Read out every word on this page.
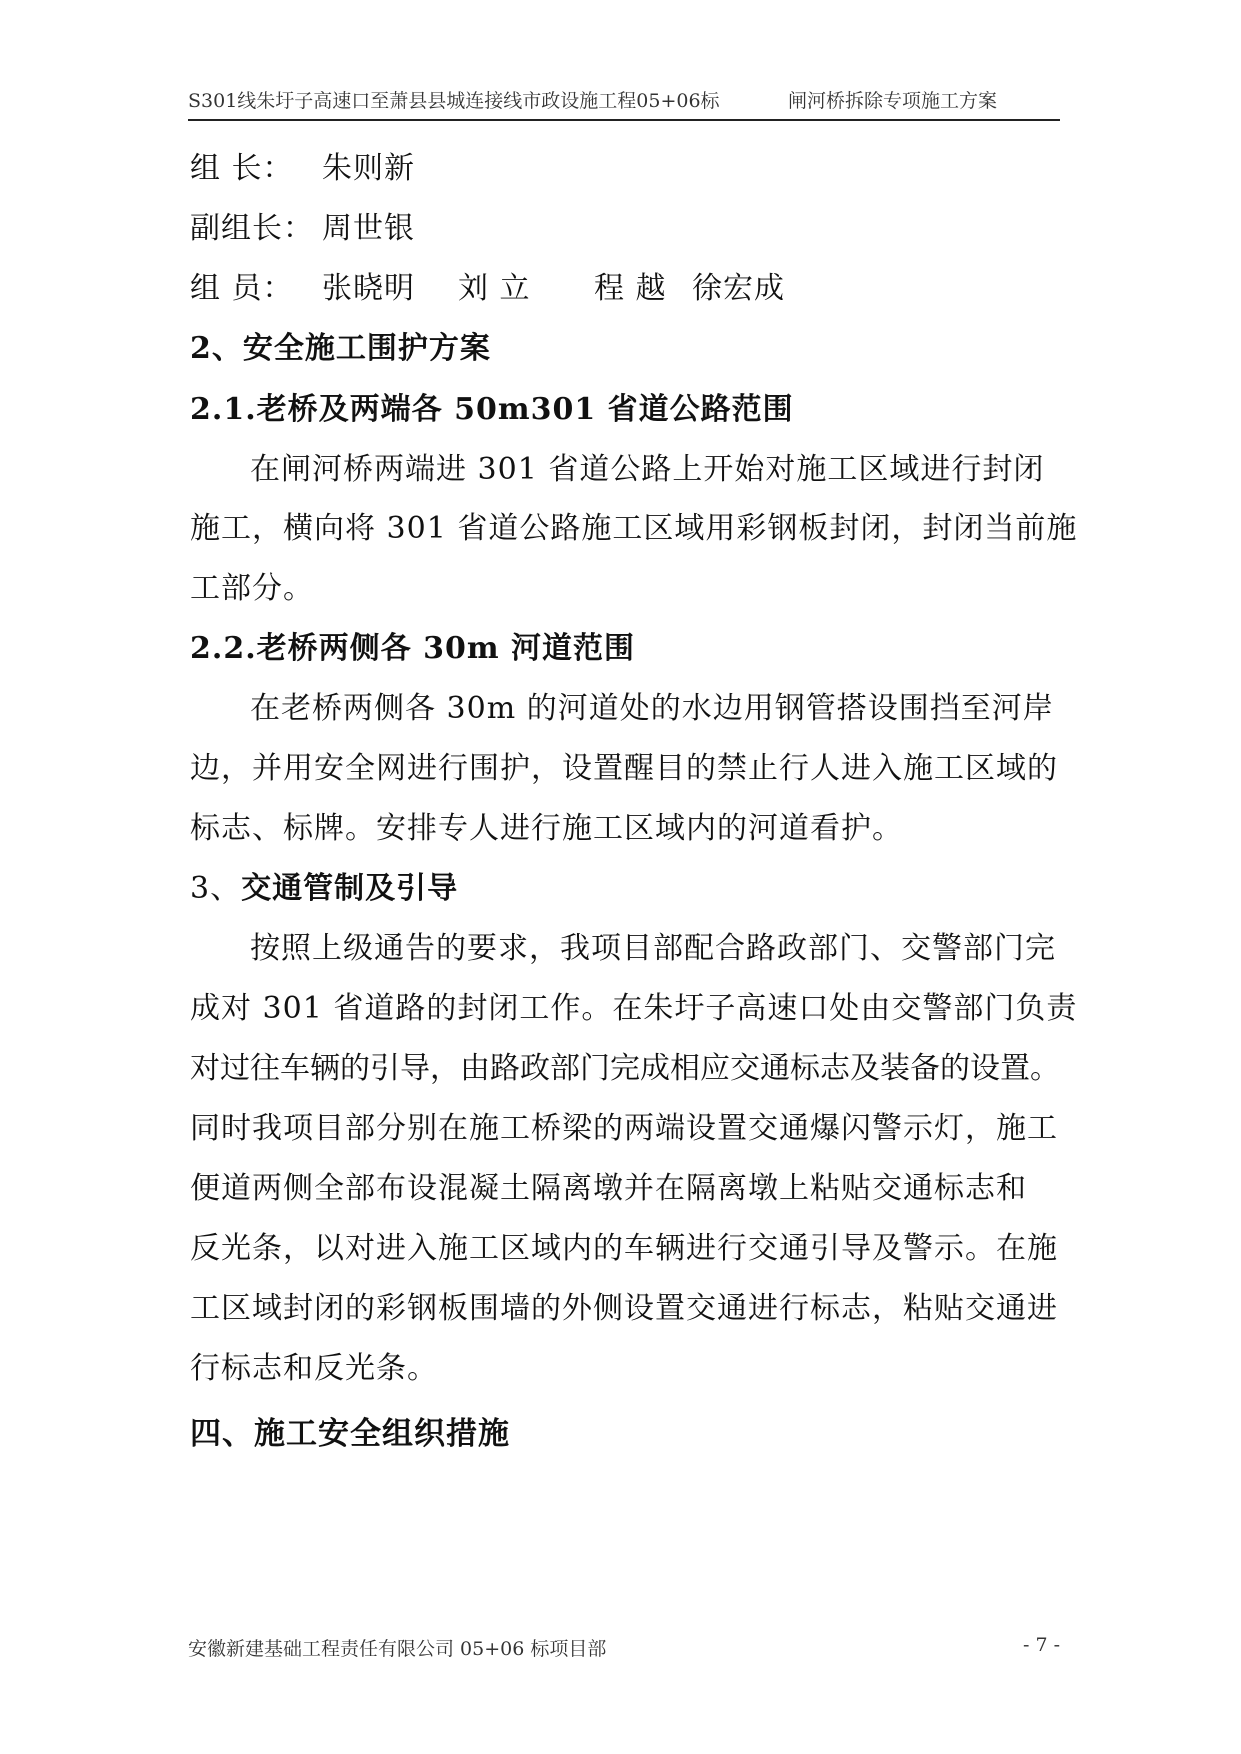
S301线朱圩子高速口至萧县县城连接线市政设施工程05+06标	闸河桥拆除专项施工方案
组 长： 朱则新
副组长： 周世银
组 员： 张晓明 刘 立 程 越 徐宏成
2、安全施工围护方案
2.1.老桥及两端各 50m301 省道公路范围
在闸河桥两端进 301 省道公路上开始对施工区域进行封闭
施工，横向将 301 省道公路施工区域用彩钢板封闭，封闭当前施
工部分。
2.2.老桥两侧各 30m 河道范围
在老桥两侧各 30m 的河道处的水边用钢管搭设围挡至河岸
边，并用安全网进行围护，设置醒目的禁止行人进入施工区域的
标志、标牌。安排专人进行施工区域内的河道看护。
3、交通管制及引导
按照上级通告的要求，我项目部配合路政部门、交警部门完
成对 301 省道路的封闭工作。在朱圩子高速口处由交警部门负责
对过往车辆的引导，由路政部门完成相应交通标志及装备的设置。
同时我项目部分别在施工桥梁的两端设置交通爆闪警示灯，施工
便道两侧全部布设混凝土隔离墩并在隔离墩上粘贴交通标志和
反光条，以对进入施工区域内的车辆进行交通引导及警示。在施
工区域封闭的彩钢板围墙的外侧设置交通进行标志，粘贴交通进
行标志和反光条。
四、施工安全组织措施
安徽新建基础工程责任有限公司 05+06 标项目部	- 7 -
